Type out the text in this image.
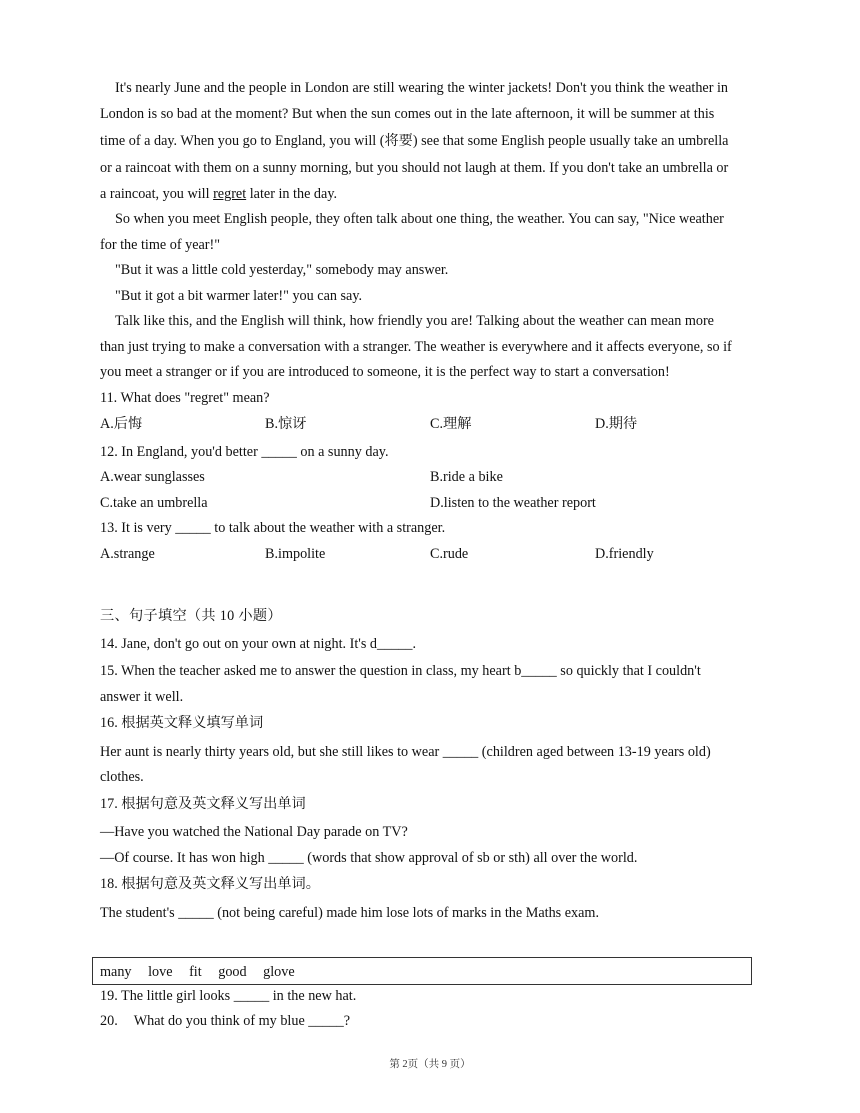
It's nearly June and the people in London are still wearing the winter jackets! Don't you think the weather in
London is so bad at the moment? But when the sun comes out in the late afternoon, it will be summer at this
time of a day. When you go to England, you will (将要) see that some English people usually take an umbrella
or a raincoat with them on a sunny morning, but you should not laugh at them. If you don't take an umbrella or
a raincoat, you will regret later in the day.
So when you meet English people, they often talk about one thing, the weather. You can say, "Nice weather
for the time of year!"
"But it was a little cold yesterday," somebody may answer.
"But it got a bit warmer later!" you can say.
Talk like this, and the English will think, how friendly you are! Talking about the weather can mean more
than just trying to make a conversation with a stranger. The weather is everywhere and it affects everyone, so if
you meet a stranger or if you are introduced to someone, it is the perfect way to start a conversation!
11. What does "regret" mean?
A.后悔	B.惊讶	C.理解	D.期待
12. In England, you'd better _____ on a sunny day.
A.wear sunglasses	B.ride a bike
C.take an umbrella	D.listen to the weather report
13. It is very _____ to talk about the weather with a stranger.
A.strange	B.impolite	C.rude	D.friendly
三、句子填空（共 10 小题）
14. Jane, don't go out on your own at night. It's d_____.
15. When the teacher asked me to answer the question in class, my heart b_____ so quickly that I couldn't
answer it well.
16. 根据英文释义填写单词
Her aunt is nearly thirty years old, but she still likes to wear _____ (children aged between 13-19 years old)
clothes.
17. 根据句意及英文释义写出单词
—Have you watched the National Day parade on TV?
—Of course. It has won high _____ (words that show approval of sb or sth) all over the world.
18. 根据句意及英文释义写出单词。
The student's _____ (not being careful) made him lose lots of marks in the Maths exam.
many love fit good glove
19. The little girl looks _____ in the new hat.
20. What do you think of my blue _____?
第 2页（共 9 页）
